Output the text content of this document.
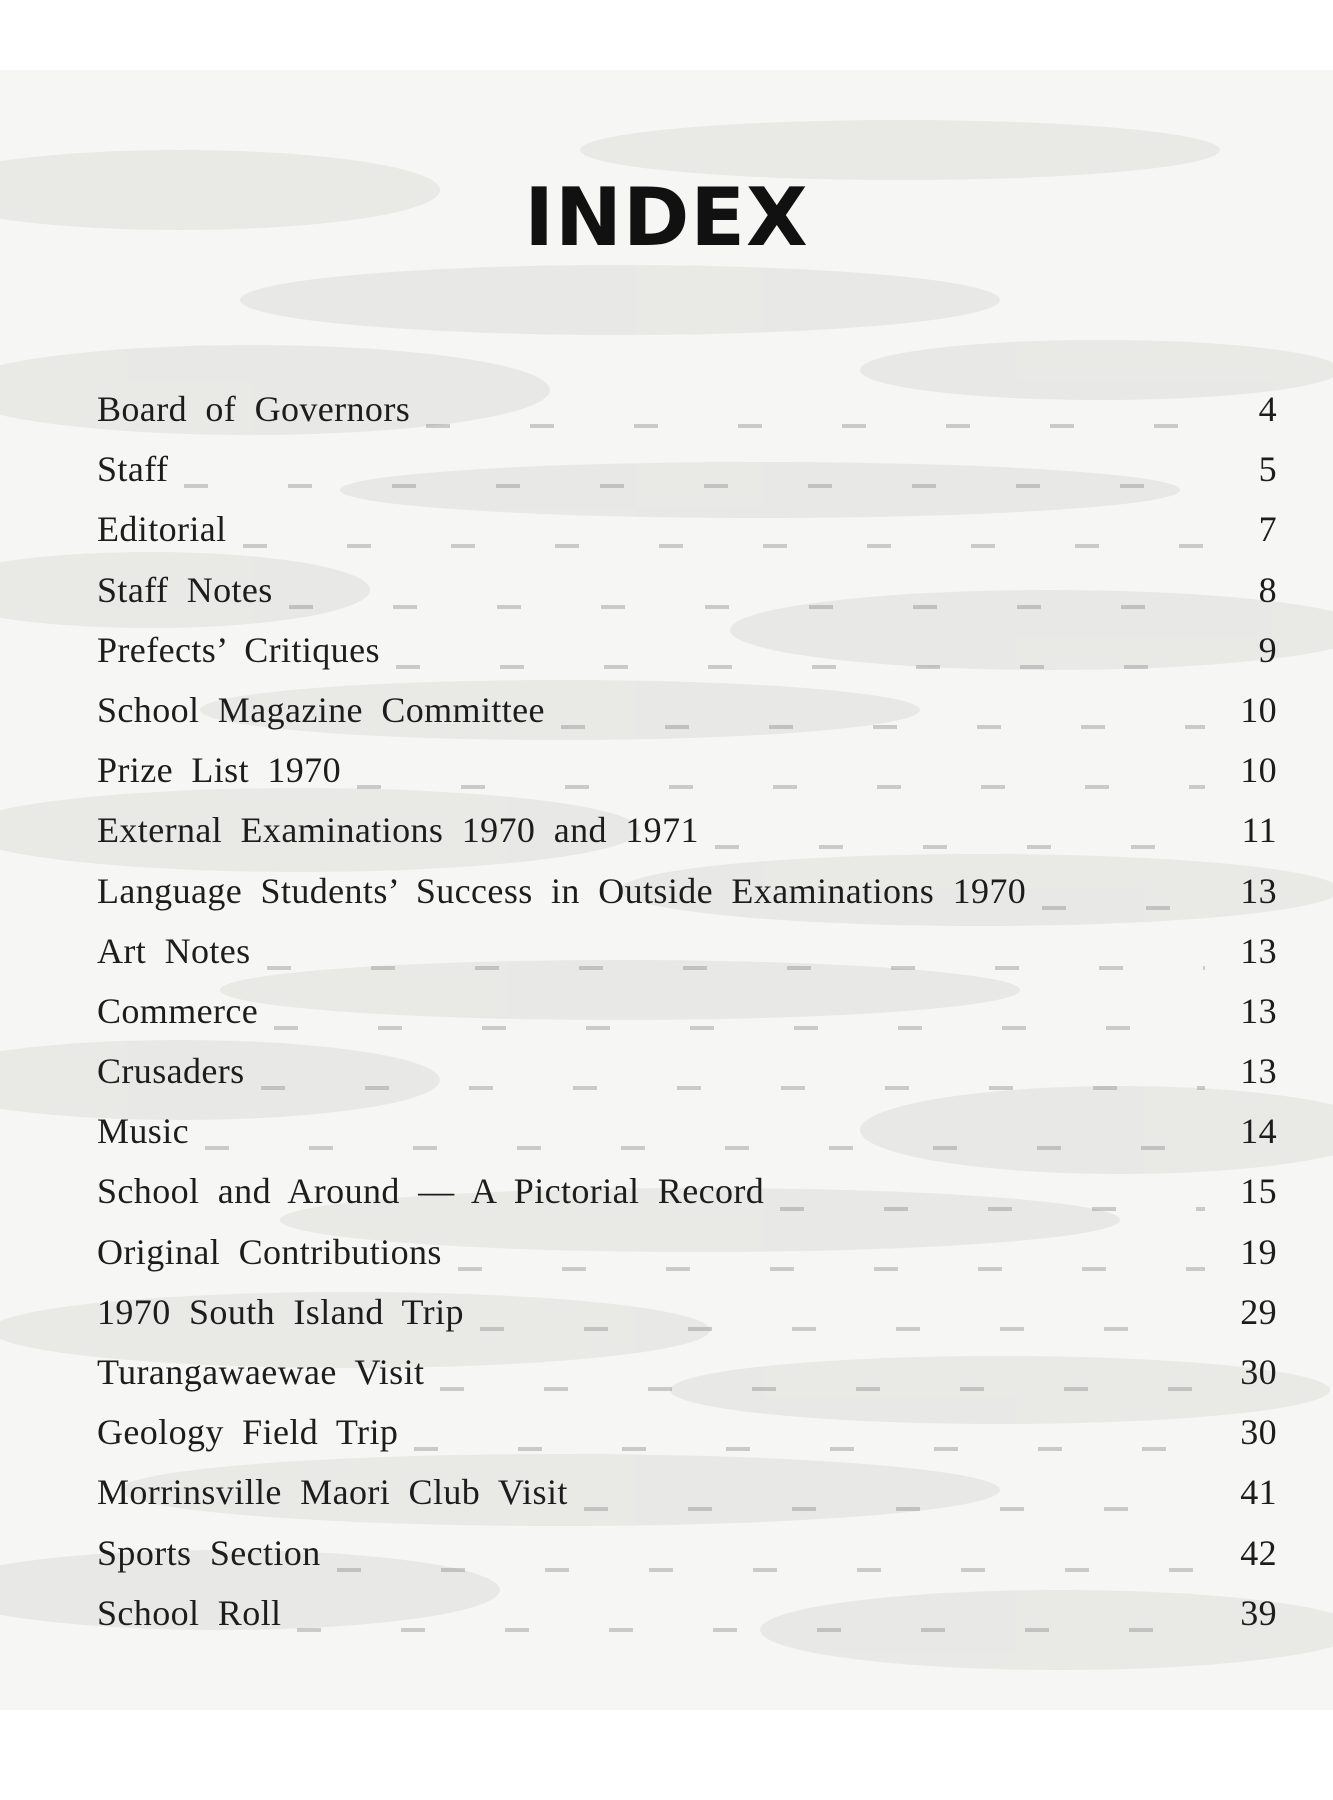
INDEX
Board of Governors	4
Staff	5
Editorial	7
Staff Notes	8
Prefects’ Critiques	9
School Magazine Committee	10
Prize List 1970	10
External Examinations 1970 and 1971	11
Language Students’ Success in Outside Examinations 1970	13
Art Notes	13
Commerce	13
Crusaders	13
Music	14
School and Around — A Pictorial Record	15
Original Contributions	19
1970 South Island Trip	29
Turangawaewae Visit	30
Geology Field Trip	30
Morrinsville Maori Club Visit	41
Sports Section	42
School Roll	39
